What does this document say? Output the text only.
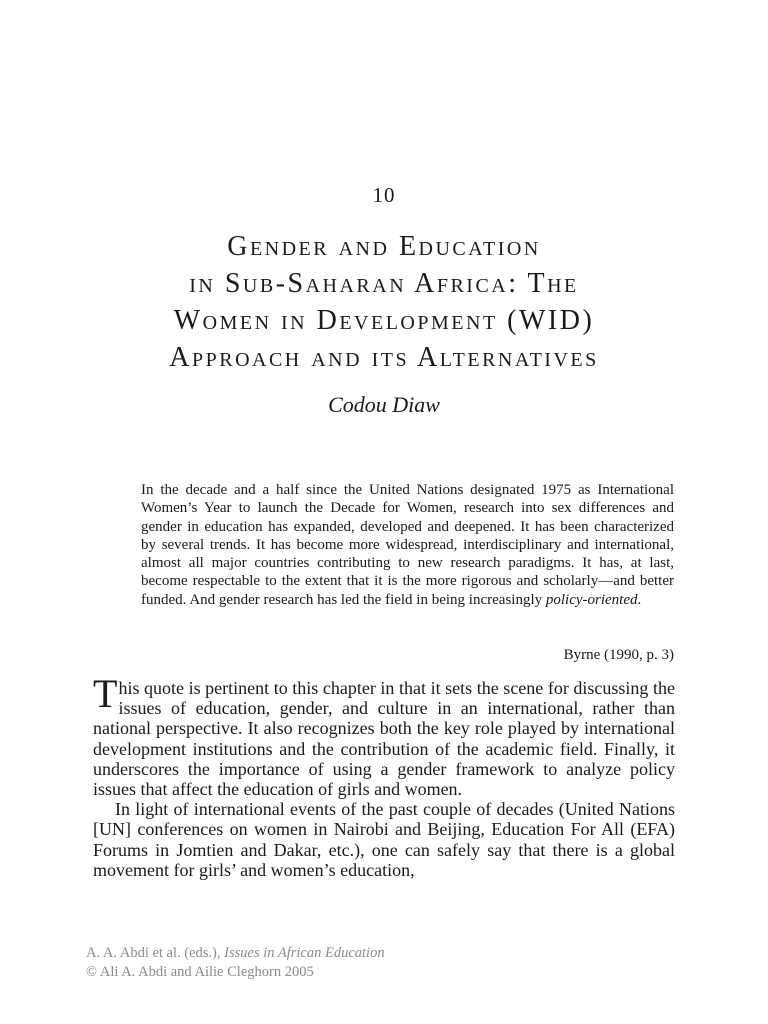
10
Gender and Education
in Sub-Saharan Africa: The
Women in Development (WID)
Approach and its Alternatives
Codou Diaw

In the decade and a half since the United Nations designated 1975 as International Women’s Year to launch the Decade for Women, research into sex differences and gender in education has expanded, developed and deepened. It has been characterized by several trends. It has become more widespread, interdisciplinary and international, almost all major countries contributing to new research paradigms. It has, at last, become respectable to the extent that it is the more rigorous and scholarly—and better funded. And gender research has led the field in being increasingly policy-oriented.

Byrne (1990, p. 3)

This quote is pertinent to this chapter in that it sets the scene for discussing the issues of education, gender, and culture in an international, rather than national perspective. It also recognizes both the key role played by international development institutions and the contribution of the academic field. Finally, it underscores the importance of using a gender framework to analyze policy issues that affect the education of girls and women.

In light of international events of the past couple of decades (United Nations [UN] conferences on women in Nairobi and Beijing, Education For All (EFA) Forums in Jomtien and Dakar, etc.), one can safely say that there is a global movement for girls’ and women’s education,

A. A. Abdi et al. (eds.), Issues in African Education
© Ali A. Abdi and Ailie Cleghorn 2005
